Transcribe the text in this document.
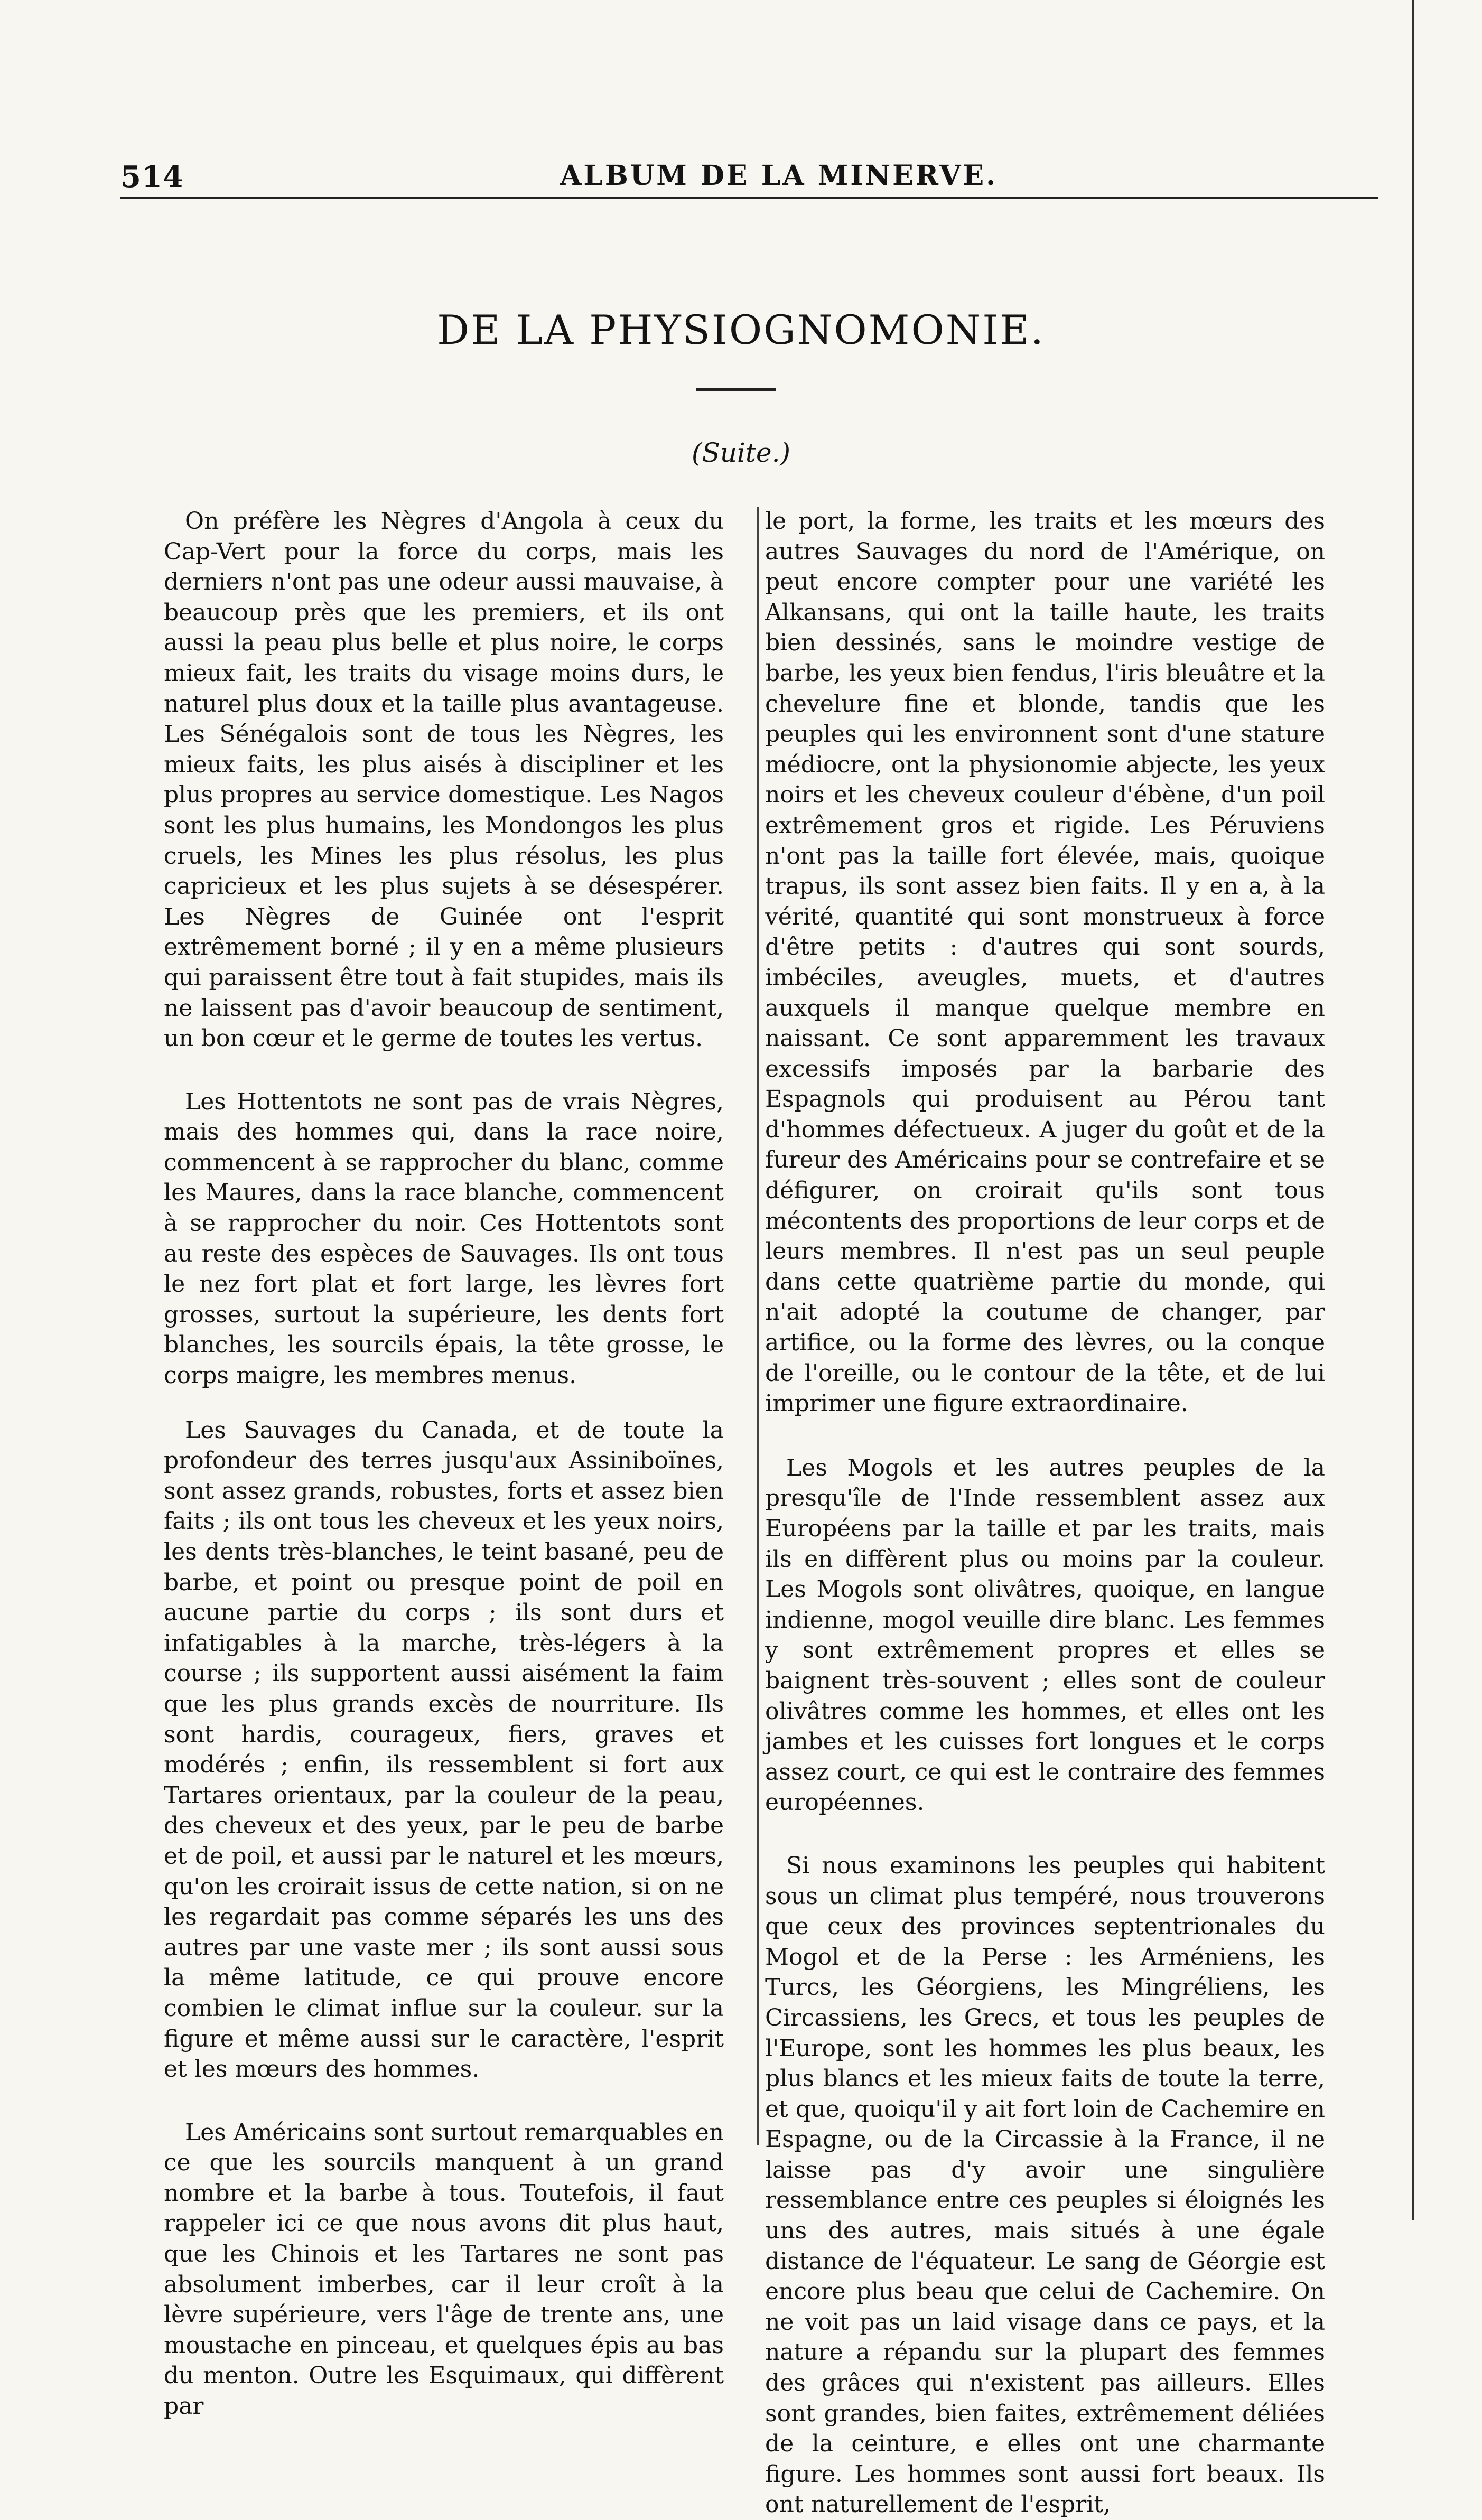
514	ALBUM DE LA MINERVE.
DE LA PHYSIOGNOMONIE.
(Suite.)

On préfère les Nègres d'Angola à ceux du Cap-Vert pour la force du corps, mais les derniers n'ont pas une odeur aussi mauvaise, à beaucoup près que les premiers, et ils ont aussi la peau plus belle et plus noire, le corps mieux fait, les traits du visage moins durs, le naturel plus doux et la taille plus avantageuse. Les Sénégalois sont de tous les Nègres, les mieux faits, les plus aisés à discipliner et les plus propres au service domestique. Les Nagos sont les plus humains, les Mondongos les plus cruels, les Mines les plus résolus, les plus capricieux et les plus sujets à se désespérer. Les Nègres de Guinée ont l'esprit extrêmement borné ; il y en a même plusieurs qui paraissent être tout à fait stupides, mais ils ne laissent pas d'avoir beaucoup de sentiment, un bon cœur et le germe de toutes les vertus.

Les Hottentots ne sont pas de vrais Nègres, mais des hommes qui, dans la race noire, commencent à se rapprocher du blanc, comme les Maures, dans la race blanche, commencent à se rapprocher du noir. Ces Hottentots sont au reste des espèces de Sauvages. Ils ont tous le nez fort plat et fort large, les lèvres fort grosses, surtout la supérieure, les dents fort blanches, les sourcils épais, la tête grosse, le corps maigre, les membres menus.

Les Sauvages du Canada, et de toute la profondeur des terres jusqu'aux Assiniboïnes, sont assez grands, robustes, forts et assez bien faits ; ils ont tous les cheveux et les yeux noirs, les dents très-blanches, le teint basané, peu de barbe, et point ou presque point de poil en aucune partie du corps ; ils sont durs et infatigables à la marche, très-légers à la course ; ils supportent aussi aisément la faim que les plus grands excès de nourriture. Ils sont hardis, courageux, fiers, graves et modérés ; enfin, ils ressemblent si fort aux Tartares orientaux, par la couleur de la peau, des cheveux et des yeux, par le peu de barbe et de poil, et aussi par le naturel et les mœurs, qu'on les croirait issus de cette nation, si on ne les regardait pas comme séparés les uns des autres par une vaste mer ; ils sont aussi sous la même latitude, ce qui prouve encore combien le climat influe sur la couleur. sur la figure et même aussi sur le caractère, l'esprit et les mœurs des hommes.

Les Américains sont surtout remarquables en ce que les sourcils manquent à un grand nombre et la barbe à tous. Toutefois, il faut rappeler ici ce que nous avons dit plus haut, que les Chinois et les Tartares ne sont pas absolument imberbes, car il leur croît à la lèvre supérieure, vers l'âge de trente ans, une moustache en pinceau, et quelques épis au bas du menton. Outre les Esquimaux, qui diffèrent par

le port, la forme, les traits et les mœurs des autres Sauvages du nord de l'Amérique, on peut encore compter pour une variété les Alkansans, qui ont la taille haute, les traits bien dessinés, sans le moindre vestige de barbe, les yeux bien fendus, l'iris bleuâtre et la chevelure fine et blonde, tandis que les peuples qui les environnent sont d'une stature médiocre, ont la physionomie abjecte, les yeux noirs et les cheveux couleur d'ébène, d'un poil extrêmement gros et rigide. Les Péruviens n'ont pas la taille fort élevée, mais, quoique trapus, ils sont assez bien faits. Il y en a, à la vérité, quantité qui sont monstrueux à force d'être petits : d'autres qui sont sourds, imbéciles, aveugles, muets, et d'autres auxquels il manque quelque membre en naissant. Ce sont apparemment les travaux excessifs imposés par la barbarie des Espagnols qui produisent au Pérou tant d'hommes défectueux. A juger du goût et de la fureur des Américains pour se contrefaire et se défigurer, on croirait qu'ils sont tous mécontents des proportions de leur corps et de leurs membres. Il n'est pas un seul peuple dans cette quatrième partie du monde, qui n'ait adopté la coutume de changer, par artifice, ou la forme des lèvres, ou la conque de l'oreille, ou le contour de la tête, et de lui imprimer une figure extraordinaire.

Les Mogols et les autres peuples de la presqu'île de l'Inde ressemblent assez aux Européens par la taille et par les traits, mais ils en diffèrent plus ou moins par la couleur. Les Mogols sont olivâtres, quoique, en langue indienne, mogol veuille dire blanc. Les femmes y sont extrêmement propres et elles se baignent très-souvent ; elles sont de couleur olivâtres comme les hommes, et elles ont les jambes et les cuisses fort longues et le corps assez court, ce qui est le contraire des femmes européennes.

Si nous examinons les peuples qui habitent sous un climat plus tempéré, nous trouverons que ceux des provinces septentrionales du Mogol et de la Perse : les Arméniens, les Turcs, les Géorgiens, les Mingréliens, les Circassiens, les Grecs, et tous les peuples de l'Europe, sont les hommes les plus beaux, les plus blancs et les mieux faits de toute la terre, et que, quoiqu'il y ait fort loin de Cachemire en Espagne, ou de la Circassie à la France, il ne laisse pas d'y avoir une singulière ressemblance entre ces peuples si éloignés les uns des autres, mais situés à une égale distance de l'équateur. Le sang de Géorgie est encore plus beau que celui de Cachemire. On ne voit pas un laid visage dans ce pays, et la nature a répandu sur la plupart des femmes des grâces qui n'existent pas ailleurs. Elles sont grandes, bien faites, extrêmement déliées de la ceinture, e elles ont une charmante figure. Les hommes sont aussi fort beaux. Ils ont naturellement de l'esprit,
